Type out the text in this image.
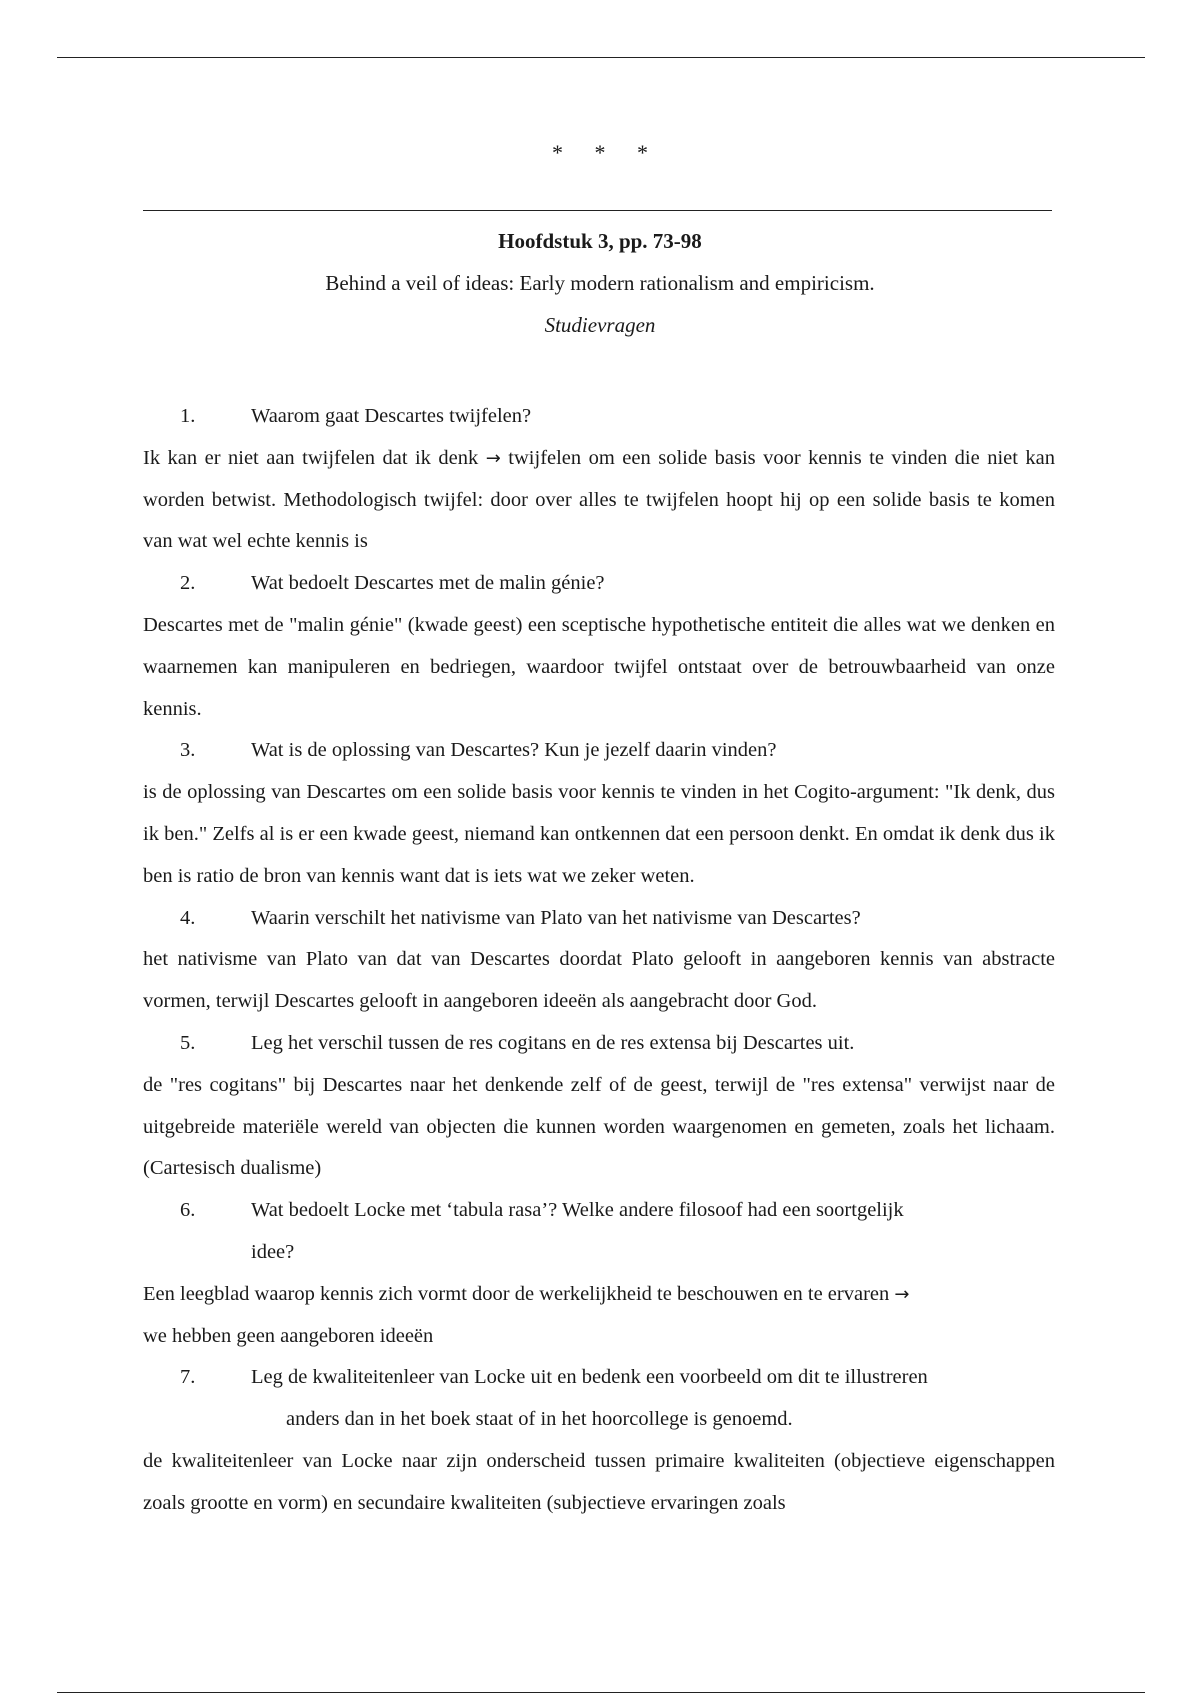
* * *
Hoofdstuk 3, pp. 73-98
Behind a veil of ideas: Early modern rationalism and empiricism.
Studievragen
1.	Waarom gaat Descartes twijfelen?
Ik kan er niet aan twijfelen dat ik denk → twijfelen om een solide basis voor kennis te vinden die niet kan worden betwist. Methodologisch twijfel: door over alles te twijfelen hoopt hij op een solide basis te komen van wat wel echte kennis is
2.	Wat bedoelt Descartes met de malin génie?
Descartes met de "malin génie" (kwade geest) een sceptische hypothetische entiteit die alles wat we denken en waarnemen kan manipuleren en bedriegen, waardoor twijfel ontstaat over de betrouwbaarheid van onze kennis.
3.	Wat is de oplossing van Descartes? Kun je jezelf daarin vinden?
is de oplossing van Descartes om een solide basis voor kennis te vinden in het Cogito-argument: "Ik denk, dus ik ben." Zelfs al is er een kwade geest, niemand kan ontkennen dat een persoon denkt. En omdat ik denk dus ik ben is ratio de bron van kennis want dat is iets wat we zeker weten.
4.	Waarin verschilt het nativisme van Plato van het nativisme van Descartes?
het nativisme van Plato van dat van Descartes doordat Plato gelooft in aangeboren kennis van abstracte vormen, terwijl Descartes gelooft in aangeboren ideeën als aangebracht door God.
5.	Leg het verschil tussen de res cogitans en de res extensa bij Descartes uit.
de "res cogitans" bij Descartes naar het denkende zelf of de geest, terwijl de "res extensa" verwijst naar de uitgebreide materiële wereld van objecten die kunnen worden waargenomen en gemeten, zoals het lichaam. (Cartesisch dualisme)
6.	Wat bedoelt Locke met ‘tabula rasa’? Welke andere filosoof had een soortgelijk
idee?
Een leegblad waarop kennis zich vormt door de werkelijkheid te beschouwen en te ervaren →
we hebben geen aangeboren ideeën
7.	Leg de kwaliteitenleer van Locke uit en bedenk een voorbeeld om dit te illustreren
anders dan in het boek staat of in het hoorcollege is genoemd.
de kwaliteitenleer van Locke naar zijn onderscheid tussen primaire kwaliteiten (objectieve eigenschappen zoals grootte en vorm) en secundaire kwaliteiten (subjectieve ervaringen zoals
